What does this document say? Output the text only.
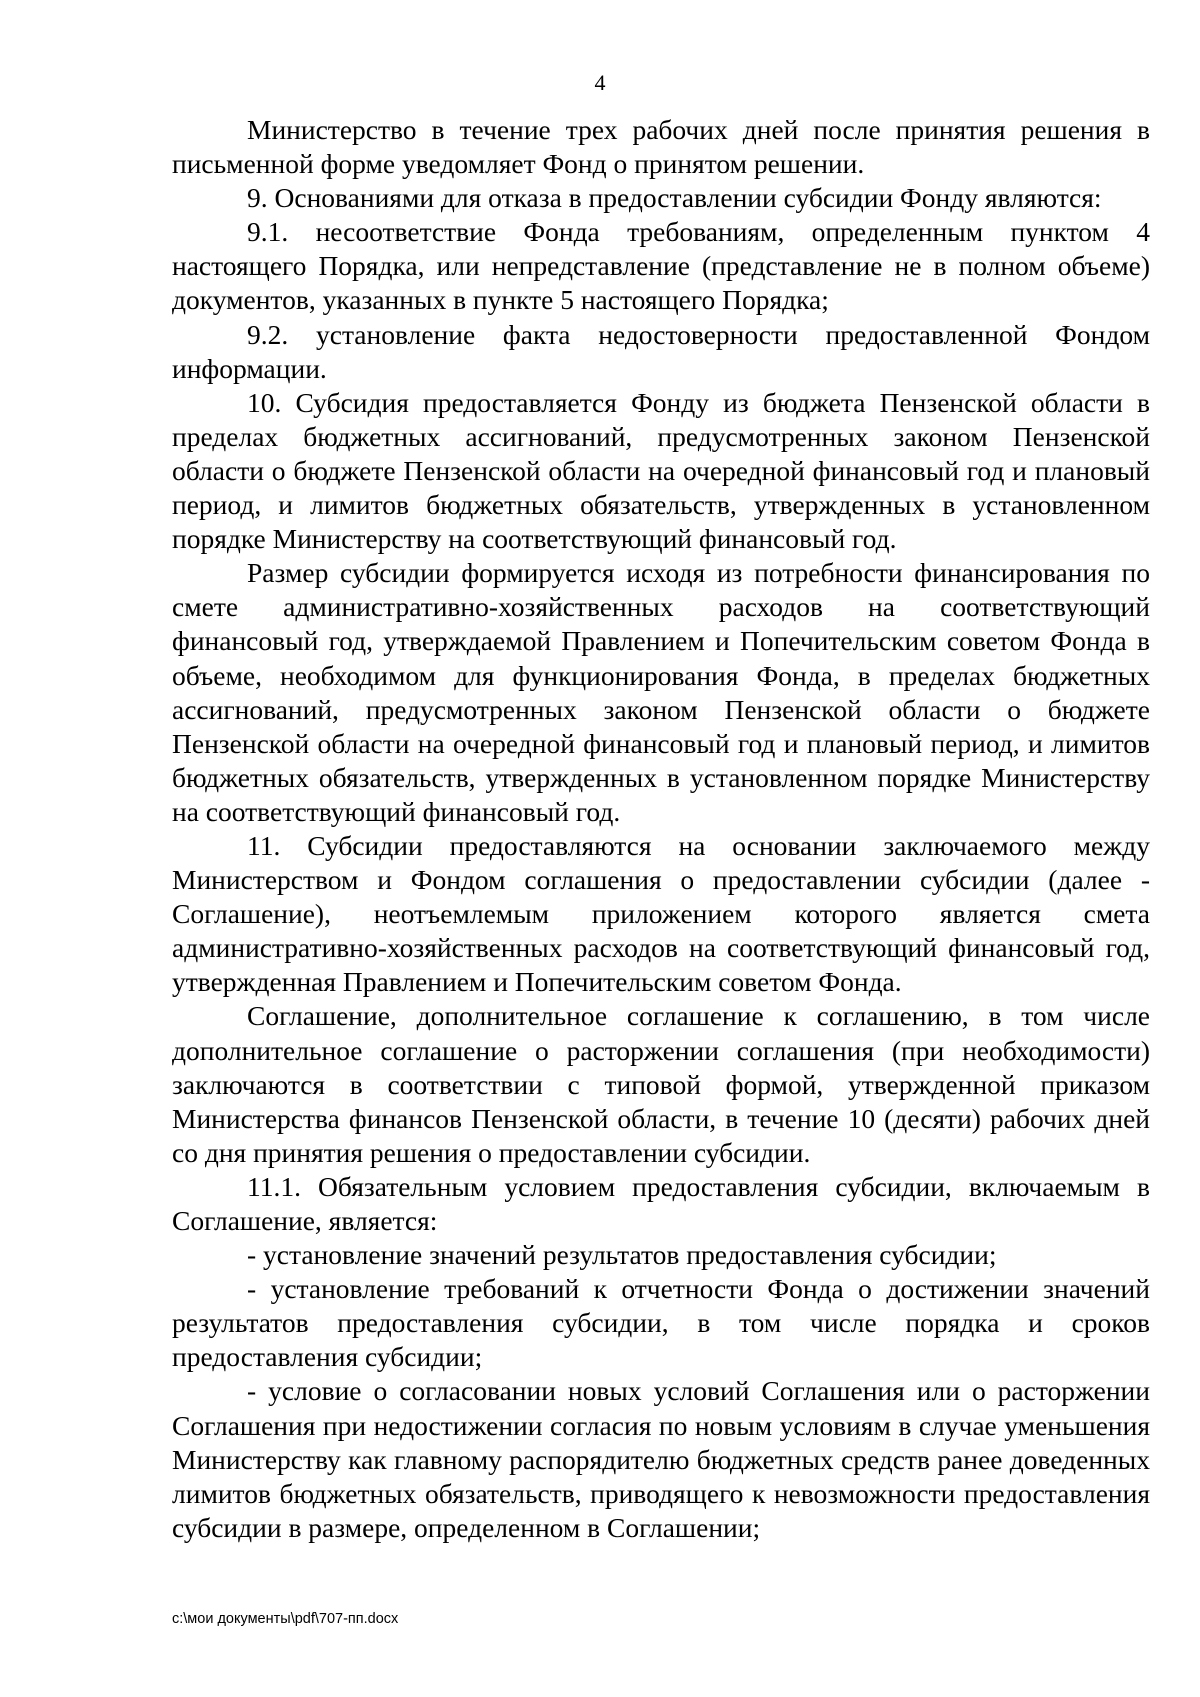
4

Министерство в течение трех рабочих дней после принятия решения в письменной форме уведомляет Фонд о принятом решении.

9. Основаниями для отказа в предоставлении субсидии Фонду являются:

9.1. несоответствие Фонда требованиям, определенным пунктом 4 настоящего Порядка, или непредставление (представление не в полном объеме) документов, указанных в пункте 5 настоящего Порядка;

9.2. установление факта недостоверности предоставленной Фондом информации.

10. Субсидия предоставляется Фонду из бюджета Пензенской области в пределах бюджетных ассигнований, предусмотренных законом Пензенской области о бюджете Пензенской области на очередной финансовый год и плановый период, и лимитов бюджетных обязательств, утвержденных в установленном порядке Министерству на соответствующий финансовый год.

Размер субсидии формируется исходя из потребности финансирования по смете административно-хозяйственных расходов на соответствующий финансовый год, утверждаемой Правлением и Попечительским советом Фонда в объеме, необходимом для функционирования Фонда, в пределах бюджетных ассигнований, предусмотренных законом Пензенской области о бюджете Пензенской области на очередной финансовый год и плановый период, и лимитов бюджетных обязательств, утвержденных в установленном порядке Министерству на соответствующий финансовый год.

11. Субсидии предоставляются на основании заключаемого между Министерством и Фондом соглашения о предоставлении субсидии (далее - Соглашение), неотъемлемым приложением которого является смета административно-хозяйственных расходов на соответствующий финансовый год, утвержденная Правлением и Попечительским советом Фонда.

Соглашение, дополнительное соглашение к соглашению, в том числе дополнительное соглашение о расторжении соглашения (при необходимости) заключаются в соответствии с типовой формой, утвержденной приказом Министерства финансов Пензенской области, в течение 10 (десяти) рабочих дней со дня принятия решения о предоставлении субсидии.

11.1. Обязательным условием предоставления субсидии, включаемым в Соглашение, является:

- установление значений результатов предоставления субсидии;

- установление требований к отчетности Фонда о достижении значений результатов предоставления субсидии, в том числе порядка и сроков предоставления субсидии;

- условие о согласовании новых условий Соглашения или о расторжении Соглашения при недостижении согласия по новым условиям в случае уменьшения Министерству как главному распорядителю бюджетных средств ранее доведенных лимитов бюджетных обязательств, приводящего к невозможности предоставления субсидии в размере, определенном в Соглашении;

c:\мои документы\pdf\707-пп.docx
